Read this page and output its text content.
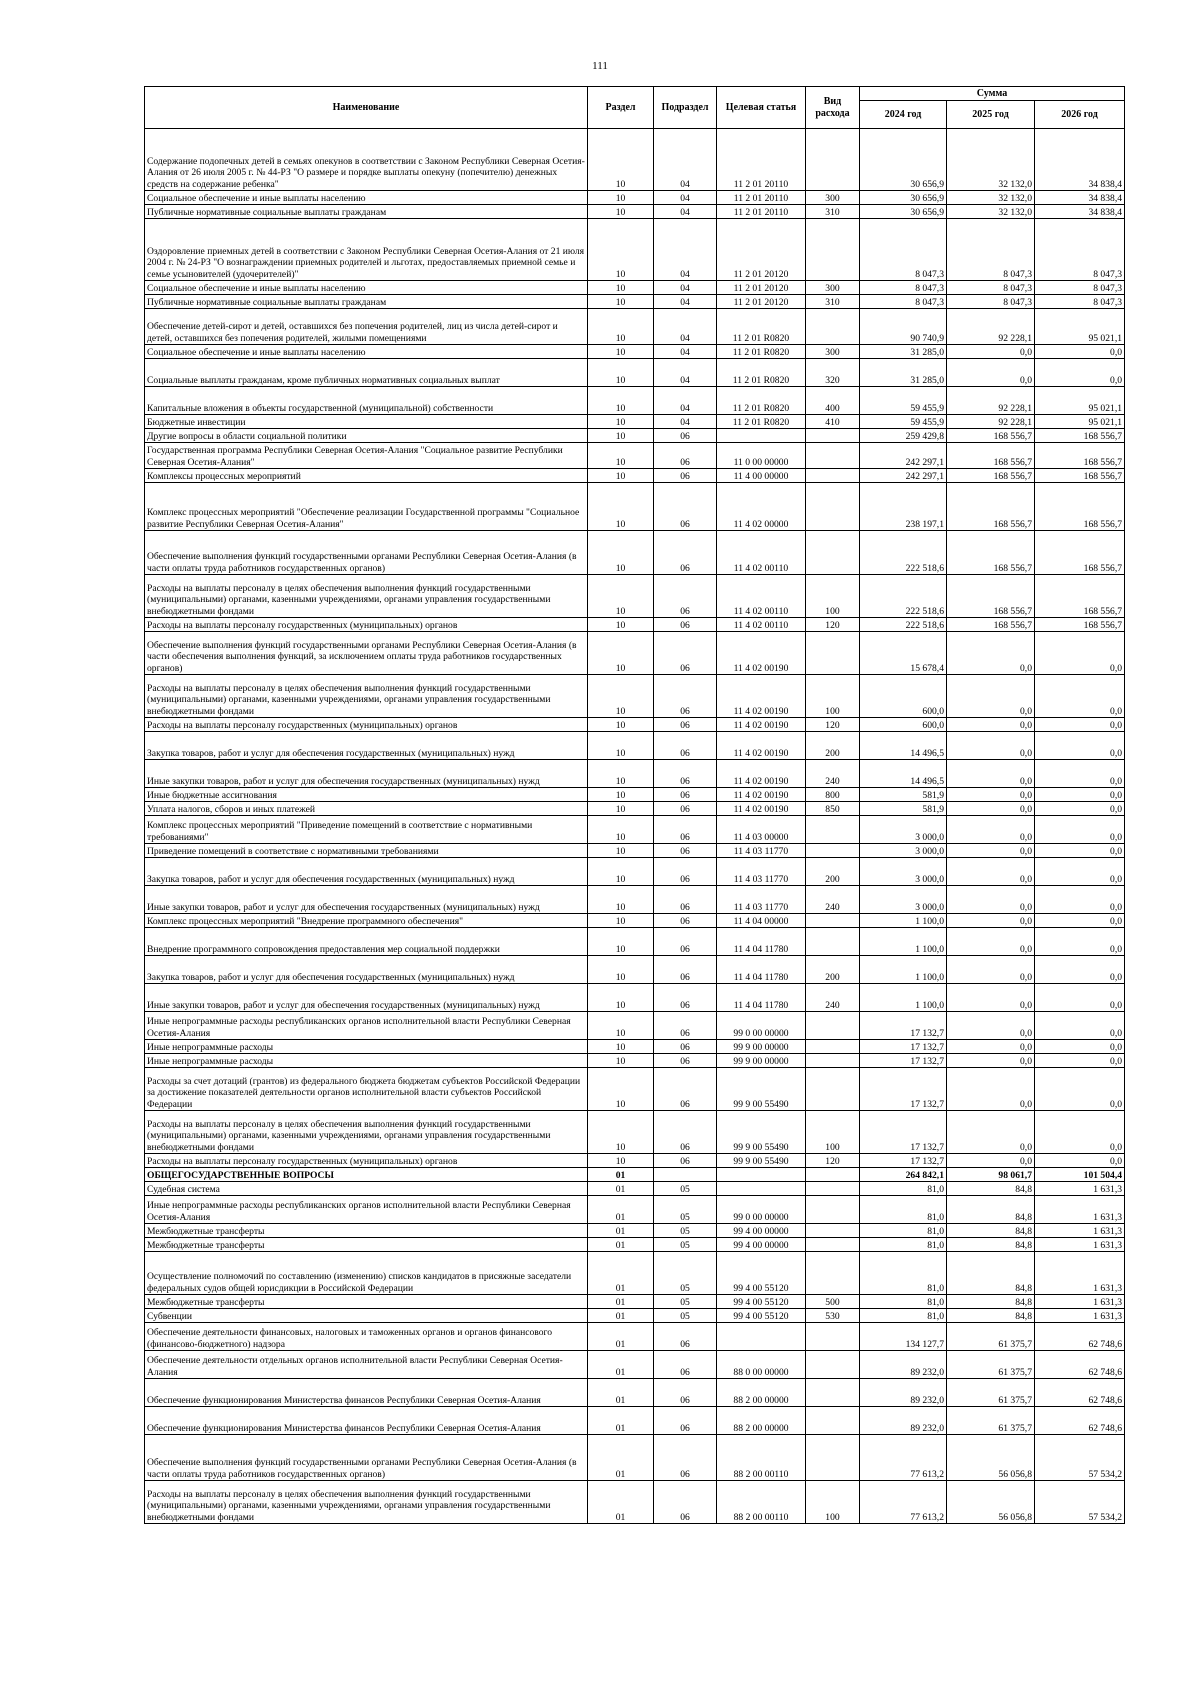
111
Наименование	Раздел	Подраздел	Целевая статья	Вид расхода	Сумма		
					2024 год	2025 год	2026 год
Содержание подопечных детей в семьях опекунов в соответствии с Законом Республики Северная Осетия-Алания от 26 июля 2005 г. № 44-РЗ "О размере и порядке выплаты опекуну (попечителю) денежных средств на содержание ребенка"	10	04	11 2 01 20110		30 656,9	32 132,0	34 838,4
Социальное обеспечение и иные выплаты населению	10	04	11 2 01 20110	300	30 656,9	32 132,0	34 838,4
Публичные нормативные социальные выплаты гражданам	10	04	11 2 01 20110	310	30 656,9	32 132,0	34 838,4
Оздоровление приемных детей в соответствии с Законом Республики Северная Осетия-Алания от 21 июля 2004 г. № 24-РЗ "О вознаграждении приемных родителей и льготах, предоставляемых приемной семье и семье усыновителей (удочерителей)"	10	04	11 2 01 20120		8 047,3	8 047,3	8 047,3
Социальное обеспечение и иные выплаты населению	10	04	11 2 01 20120	300	8 047,3	8 047,3	8 047,3
Публичные нормативные социальные выплаты гражданам	10	04	11 2 01 20120	310	8 047,3	8 047,3	8 047,3
Обеспечение детей-сирот и детей, оставшихся без попечения родителей, лиц из числа детей-сирот и детей, оставшихся без попечения родителей, жилыми помещениями	10	04	11 2 01 R0820		90 740,9	92 228,1	95 021,1
Социальное обеспечение и иные выплаты населению	10	04	11 2 01 R0820	300	31 285,0	0,0	0,0
Социальные выплаты гражданам, кроме публичных нормативных социальных выплат	10	04	11 2 01 R0820	320	31 285,0	0,0	0,0
Капитальные вложения в объекты государственной (муниципальной) собственности	10	04	11 2 01 R0820	400	59 455,9	92 228,1	95 021,1
Бюджетные инвестиции	10	04	11 2 01 R0820	410	59 455,9	92 228,1	95 021,1
Другие вопросы в области социальной политики	10	06			259 429,8	168 556,7	168 556,7
Государственная программа Республики Северная Осетия-Алания "Социальное развитие Республики Северная Осетия-Алания"	10	06	11 0 00 00000		242 297,1	168 556,7	168 556,7
Комплексы процессных мероприятий	10	06	11 4 00 00000		242 297,1	168 556,7	168 556,7
Комплекс процессных мероприятий "Обеспечение реализации Государственной программы "Социальное развитие Республики Северная Осетия-Алания"	10	06	11 4 02 00000		238 197,1	168 556,7	168 556,7
Обеспечение выполнения функций государственными органами Республики Северная Осетия-Алания (в части оплаты труда работников государственных органов)	10	06	11 4 02 00110		222 518,6	168 556,7	168 556,7
Расходы на выплаты персоналу в целях обеспечения выполнения функций государственными (муниципальными) органами, казенными учреждениями, органами управления государственными внебюджетными фондами	10	06	11 4 02 00110	100	222 518,6	168 556,7	168 556,7
Расходы на выплаты персоналу государственных (муниципальных) органов	10	06	11 4 02 00110	120	222 518,6	168 556,7	168 556,7
Обеспечение выполнения функций государственными органами Республики Северная Осетия-Алания (в части обеспечения выполнения функций, за исключением оплаты труда работников государственных органов)	10	06	11 4 02 00190		15 678,4	0,0	0,0
Расходы на выплаты персоналу в целях обеспечения выполнения функций государственными (муниципальными) органами, казенными учреждениями, органами управления государственными внебюджетными фондами	10	06	11 4 02 00190	100	600,0	0,0	0,0
Расходы на выплаты персоналу государственных (муниципальных) органов	10	06	11 4 02 00190	120	600,0	0,0	0,0
Закупка товаров, работ и услуг для обеспечения государственных (муниципальных) нужд	10	06	11 4 02 00190	200	14 496,5	0,0	0,0
Иные закупки товаров, работ и услуг для обеспечения государственных (муниципальных) нужд	10	06	11 4 02 00190	240	14 496,5	0,0	0,0
Иные бюджетные ассигнования	10	06	11 4 02 00190	800	581,9	0,0	0,0
Уплата налогов, сборов и иных платежей	10	06	11 4 02 00190	850	581,9	0,0	0,0
Комплекс процессных мероприятий "Приведение помещений в соответствие с нормативными требованиями"	10	06	11 4 03 00000		3 000,0	0,0	0,0
Приведение помещений в соответствие с нормативными требованиями	10	06	11 4 03 11770		3 000,0	0,0	0,0
Закупка товаров, работ и услуг для обеспечения государственных (муниципальных) нужд	10	06	11 4 03 11770	200	3 000,0	0,0	0,0
Иные закупки товаров, работ и услуг для обеспечения государственных (муниципальных) нужд	10	06	11 4 03 11770	240	3 000,0	0,0	0,0
Комплекс процессных мероприятий "Внедрение программного обеспечения"	10	06	11 4 04 00000		1 100,0	0,0	0,0
Внедрение программного сопровождения предоставления мер социальной поддержки	10	06	11 4 04 11780		1 100,0	0,0	0,0
Закупка товаров, работ и услуг для обеспечения государственных (муниципальных) нужд	10	06	11 4 04 11780	200	1 100,0	0,0	0,0
Иные закупки товаров, работ и услуг для обеспечения государственных (муниципальных) нужд	10	06	11 4 04 11780	240	1 100,0	0,0	0,0
Иные непрограммные расходы республиканских органов исполнительной власти Республики Северная Осетия-Алания	10	06	99 0 00 00000		17 132,7	0,0	0,0
Иные непрограммные расходы	10	06	99 9 00 00000		17 132,7	0,0	0,0
Иные непрограммные расходы	10	06	99 9 00 00000		17 132,7	0,0	0,0
Расходы за счет дотаций (грантов) из федерального бюджета бюджетам субъектов Российской Федерации за достижение показателей деятельности органов исполнительной власти субъектов Российской Федерации	10	06	99 9 00 55490		17 132,7	0,0	0,0
Расходы на выплаты персоналу в целях обеспечения выполнения функций государственными (муниципальными) органами, казенными учреждениями, органами управления государственными внебюджетными фондами	10	06	99 9 00 55490	100	17 132,7	0,0	0,0
Расходы на выплаты персоналу государственных (муниципальных) органов	10	06	99 9 00 55490	120	17 132,7	0,0	0,0
ОБЩЕГОСУДАРСТВЕННЫЕ ВОПРОСЫ	01				264 842,1	98 061,7	101 504,4
Судебная система	01	05			81,0	84,8	1 631,3
Иные непрограммные расходы республиканских органов исполнительной власти Республики Северная Осетия-Алания	01	05	99 0 00 00000		81,0	84,8	1 631,3
Межбюджетные трансферты	01	05	99 4 00 00000		81,0	84,8	1 631,3
Межбюджетные трансферты	01	05	99 4 00 00000		81,0	84,8	1 631,3
Осуществление полномочий по составлению (изменению) списков кандидатов в присяжные заседатели федеральных судов общей юрисдикции в Российской Федерации	01	05	99 4 00 55120		81,0	84,8	1 631,3
Межбюджетные трансферты	01	05	99 4 00 55120	500	81,0	84,8	1 631,3
Субвенции	01	05	99 4 00 55120	530	81,0	84,8	1 631,3
Обеспечение деятельности финансовых, налоговых и таможенных органов и органов финансового (финансово-бюджетного) надзора	01	06			134 127,7	61 375,7	62 748,6
Обеспечение деятельности отдельных органов исполнительной власти Республики Северная Осетия-Алания	01	06	88 0 00 00000		89 232,0	61 375,7	62 748,6
Обеспечение функционирования Министерства финансов Республики Северная Осетия-Алания	01	06	88 2 00 00000		89 232,0	61 375,7	62 748,6
Обеспечение функционирования Министерства финансов Республики Северная Осетия-Алания	01	06	88 2 00 00000		89 232,0	61 375,7	62 748,6
Обеспечение выполнения функций государственными органами Республики Северная Осетия-Алания (в части оплаты труда работников государственных органов)	01	06	88 2 00 00110		77 613,2	56 056,8	57 534,2
Расходы на выплаты персоналу в целях обеспечения выполнения функций государственными (муниципальными) органами, казенными учреждениями, органами управления государственными внебюджетными фондами	01	06	88 2 00 00110	100	77 613,2	56 056,8	57 534,2
